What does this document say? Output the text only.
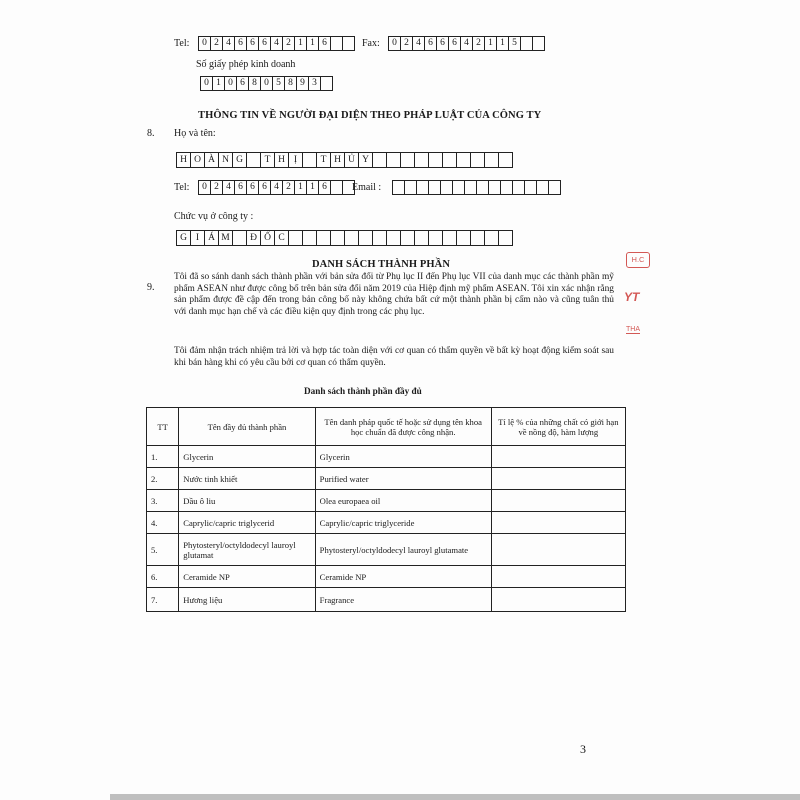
Tel:	0 2 4 6 6 6 4 2 1 1 6	Fax:	0 2 4 6 6 6 4 2 1 1 5
Số giấy phép kinh doanh
0 1 0 6 8 0 5 8 9 3
THÔNG TIN VỀ NGƯỜI ĐẠI DIỆN THEO PHÁP LUẬT CỦA CÔNG TY
8. Họ và tên:
H O À N G	T H Ị	T H Ủ Y
Tel:	0 2 4 6 6 6 4 2 1 1 6	Email :
Chức vụ ở công ty :
G I Á M	Đ Ố C
DANH SÁCH THÀNH PHẦN
9.

Tôi đã so sánh danh sách thành phần với bản sửa đổi từ Phụ lục II đến Phụ lục VII của danh mục các thành phần mỹ phẩm ASEAN như được công bố trên bản sửa đổi năm 2019 của Hiệp định mỹ phẩm ASEAN. Tôi xin xác nhận rằng sản phẩm được đề cập đến trong bản công bố này không chứa bất cứ một thành phần bị cấm nào và cũng tuân thủ với danh mục hạn chế và các điều kiện quy định trong các phụ lục.

Tôi đảm nhận trách nhiệm trả lời và hợp tác toàn diện với cơ quan có thẩm quyền về bất kỳ hoạt động kiểm soát sau khi bán hàng khi có yêu cầu bởi cơ quan có thẩm quyền.

Danh sách thành phần đầy đủ
TT	Tên đầy đủ thành phần	Tên danh pháp quốc tế hoặc sử dụng tên khoa học chuẩn đã được công nhận.	Tỉ lệ % của những chất có giới hạn về nồng độ, hàm lượng
1.	Glycerin	Glycerin	
2.	Nước tinh khiết	Purified water	
3.	Dầu ô liu	Olea europaea oil	
4.	Caprylic/capric triglycerid	Caprylic/capric triglyceride	
5.	Phytosteryl/octyldodecyl lauroyl glutamat	Phytosteryl/octyldodecyl lauroyl glutamate	
6.	Ceramide NP	Ceramide NP	
7.	Hương liệu	Fragrance	
3
H.C
YT
THA
